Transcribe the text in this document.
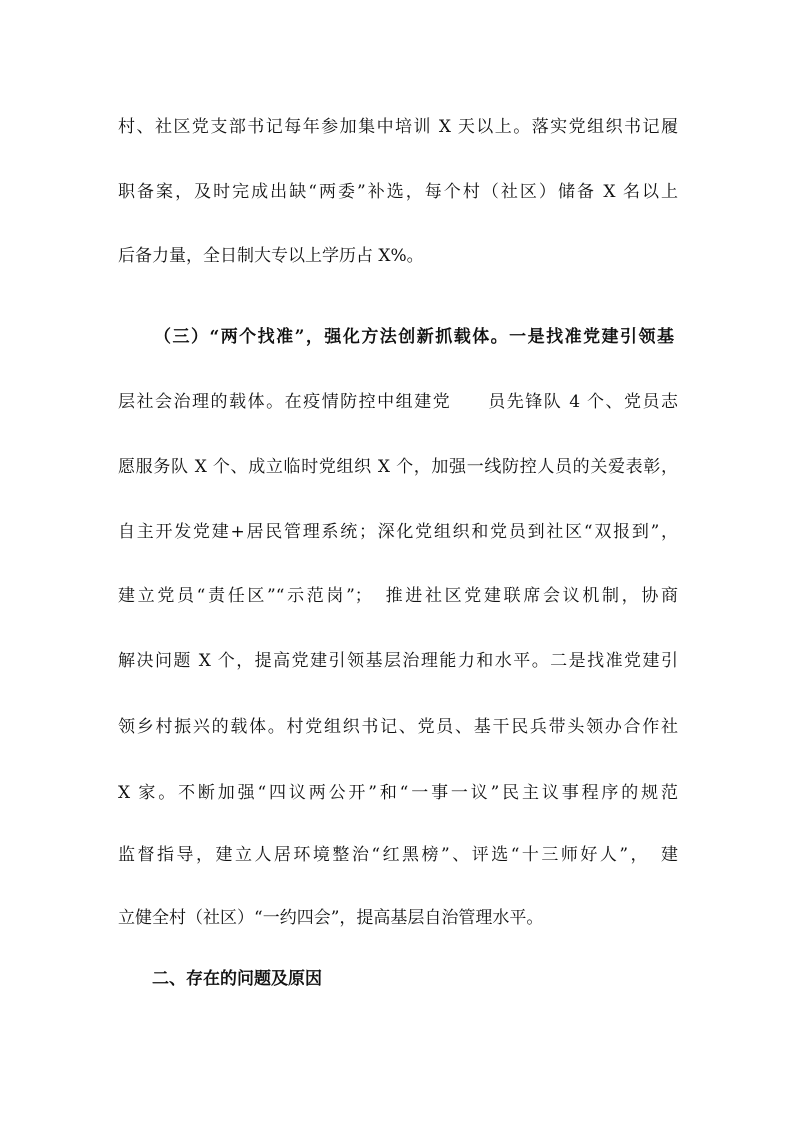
村、社区党支部书记每年参加集中培训 X 天以上。落实党组织书记履
职备案，及时完成出缺“两委”补选，每个村（社区）储备 X 名以上
后备力量，全日制大专以上学历占 X%。
（三）“两个找准”，强化方法创新抓载体。一是找准党建引领基
层社会治理的载体。在疫情防控中组建党　　员先锋队 4 个、党员志
愿服务队 X 个、成立临时党组织 X 个，加强一线防控人员的关爱表彰，
自主开发党建+居民管理系统；深化党组织和党员到社区“双报到”，
建立党员“责任区”“示范岗”；　推进社区党建联席会议机制，协商
解决问题 X 个，提高党建引领基层治理能力和水平。二是找准党建引
领乡村振兴的载体。村党组织书记、党员、基干民兵带头领办合作社
X 家。不断加强“四议两公开”和“一事一议”民主议事程序的规范
监督指导，建立人居环境整治“红黑榜”、评选“十三师好人”，　建
立健全村（社区）“一约四会”，提高基层自治管理水平。
二、存在的问题及原因
